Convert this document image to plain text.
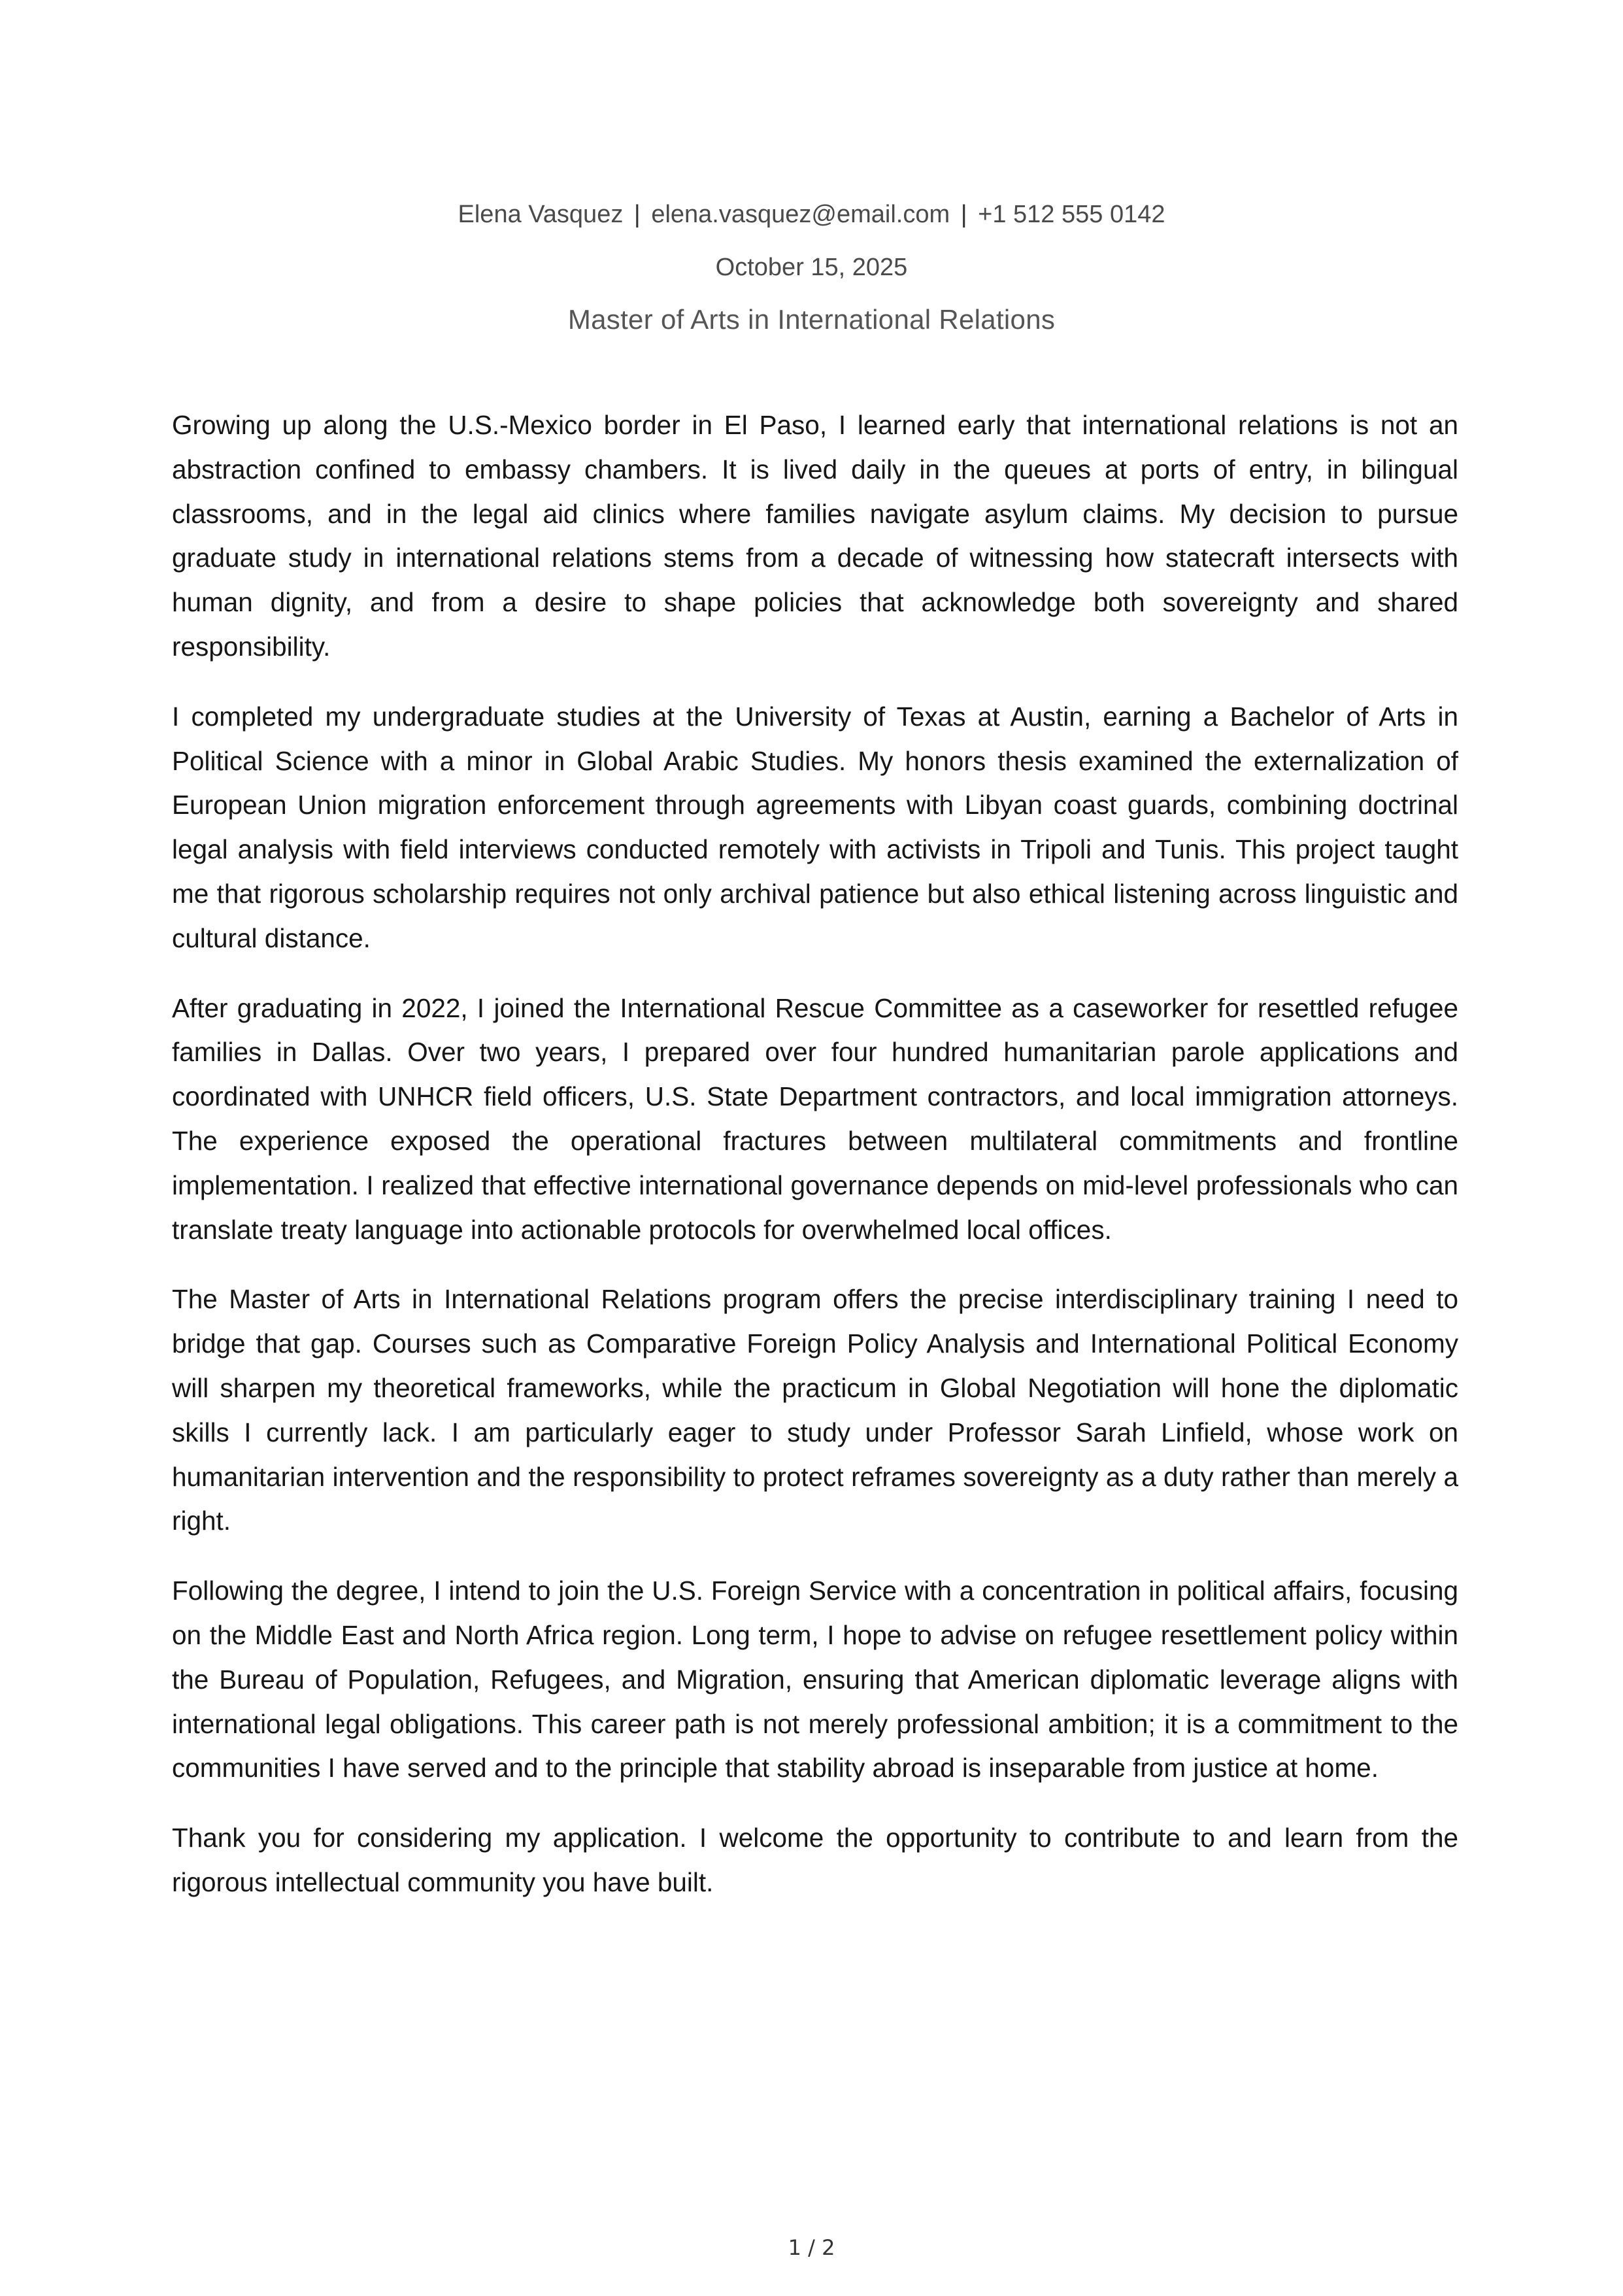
Elena Vasquez | elena.vasquez@email.com | +1 512 555 0142
October 15, 2025
Master of Arts in International Relations

Growing up along the U.S.-Mexico border in El Paso, I learned early that international relations is not an abstraction confined to embassy chambers. It is lived daily in the queues at ports of entry, in bilingual classrooms, and in the legal aid clinics where families navigate asylum claims. My decision to pursue graduate study in international relations stems from a decade of witnessing how statecraft intersects with human dignity, and from a desire to shape policies that acknowledge both sovereignty and shared responsibility.

I completed my undergraduate studies at the University of Texas at Austin, earning a Bachelor of Arts in Political Science with a minor in Global Arabic Studies. My honors thesis examined the externalization of European Union migration enforcement through agreements with Libyan coast guards, combining doctrinal legal analysis with field interviews conducted remotely with activists in Tripoli and Tunis. This project taught me that rigorous scholarship requires not only archival patience but also ethical listening across linguistic and cultural distance.

After graduating in 2022, I joined the International Rescue Committee as a caseworker for resettled refugee families in Dallas. Over two years, I prepared over four hundred humanitarian parole applications and coordinated with UNHCR field officers, U.S. State Department contractors, and local immigration attorneys. The experience exposed the operational fractures between multilateral commitments and frontline implementation. I realized that effective international governance depends on mid-level professionals who can translate treaty language into actionable protocols for overwhelmed local offices.

The Master of Arts in International Relations program offers the precise interdisciplinary training I need to bridge that gap. Courses such as Comparative Foreign Policy Analysis and International Political Economy will sharpen my theoretical frameworks, while the practicum in Global Negotiation will hone the diplomatic skills I currently lack. I am particularly eager to study under Professor Sarah Linfield, whose work on humanitarian intervention and the responsibility to protect reframes sovereignty as a duty rather than merely a right.

Following the degree, I intend to join the U.S. Foreign Service with a concentration in political affairs, focusing on the Middle East and North Africa region. Long term, I hope to advise on refugee resettlement policy within the Bureau of Population, Refugees, and Migration, ensuring that American diplomatic leverage aligns with international legal obligations. This career path is not merely professional ambition; it is a commitment to the communities I have served and to the principle that stability abroad is inseparable from justice at home.

Thank you for considering my application. I welcome the opportunity to contribute to and learn from the rigorous intellectual community you have built.

1 / 2
